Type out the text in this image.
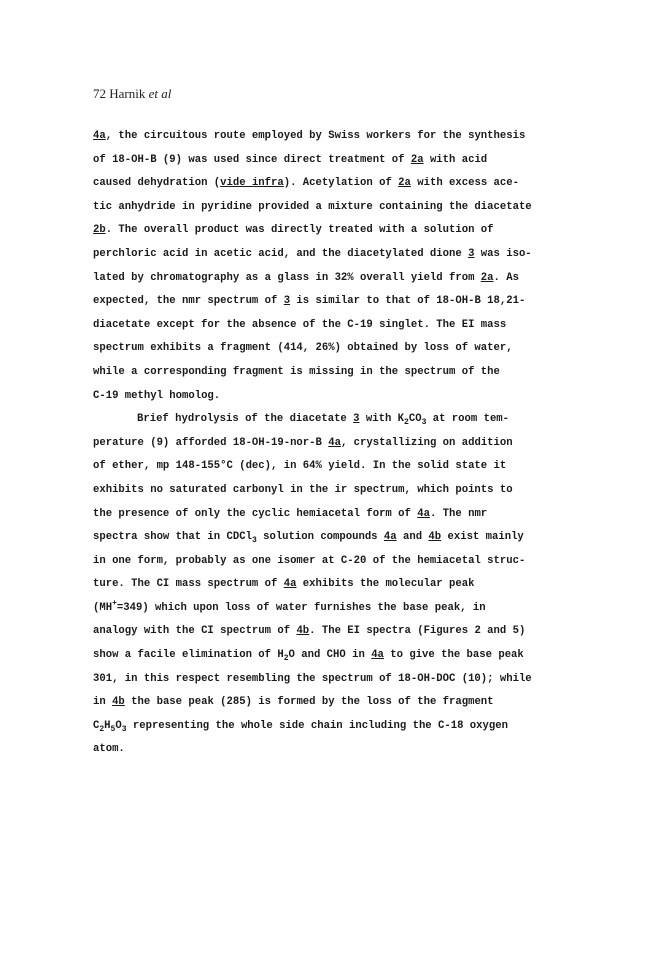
72 Harnik et al
4a, the circuitous route employed by Swiss workers for the synthesis
of 18-OH-B (9) was used since direct treatment of 2a with acid
caused dehydration (vide infra). Acetylation of 2a with excess ace-
tic anhydride in pyridine provided a mixture containing the diacetate
2b. The overall product was directly treated with a solution of
perchloric acid in acetic acid, and the diacetylated dione 3 was iso-
lated by chromatography as a glass in 32% overall yield from 2a. As
expected, the nmr spectrum of 3 is similar to that of 18-OH-B 18,21-
diacetate except for the absence of the C-19 singlet. The EI mass
spectrum exhibits a fragment (414, 26%) obtained by loss of water,
while a corresponding fragment is missing in the spectrum of the
C-19 methyl homolog.
Brief hydrolysis of the diacetate 3 with $K_2CO_3$ at room tem-
perature (9) afforded 18-OH-19-nor-B 4a, crystallizing on addition
of ether, mp 148-155°C (dec), in 64% yield. In the solid state it
exhibits no saturated carbonyl in the ir spectrum, which points to
the presence of only the cyclic hemiacetal form of 4a. The nmr
spectra show that in CDCl$_3$ solution compounds 4a and 4b exist mainly
in one form, probably as one isomer at C-20 of the hemiacetal struc-
ture. The CI mass spectrum of 4a exhibits the molecular peak
(MH+=349) which upon loss of water furnishes the base peak, in
analogy with the CI spectrum of 4b. The EI spectra (Figures 2 and 5)
show a facile elimination of $H_2O$ and CHO in 4a to give the base peak
301, in this respect resembling the spectrum of 18-OH-DOC (10); while
in 4b the base peak (285) is formed by the loss of the fragment
$C_2H_5O_3$ representing the whole side chain including the C-18 oxygen
atom.
